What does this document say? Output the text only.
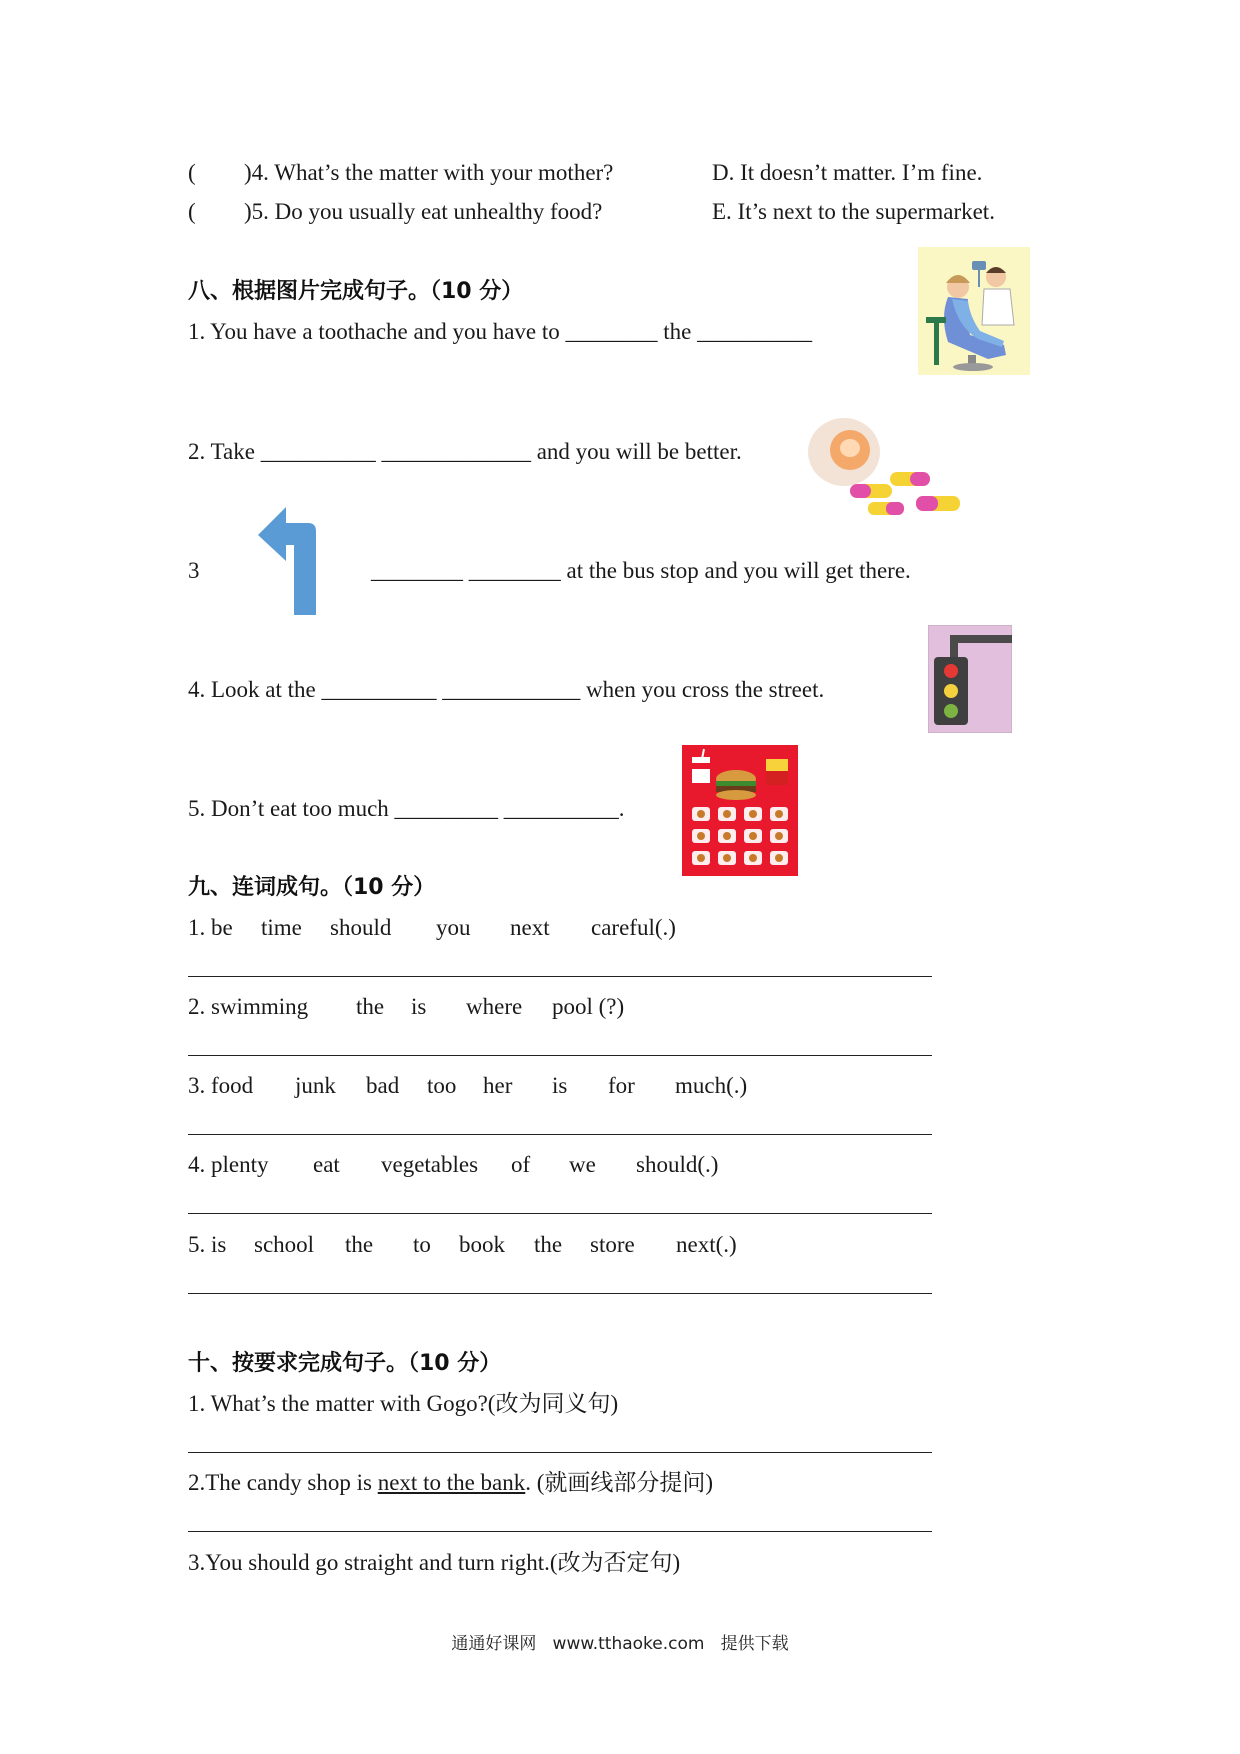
( )4. What’s the matter with your mother?	D. It doesn’t matter. I’m fine.
( )5. Do you usually eat unhealthy food?	E. It’s next to the supermarket.
八、根据图片完成句子。（10 分）
1. You have a toothache and you have to ________ the __________
2. Take __________ _____________ and you will be better.
3	________ ________ at the bus stop and you will get there.
4. Look at the __________ ____________ when you cross the street.
5. Don’t eat too much _________ __________.
九、连词成句。（10 分）

1. be

time

should

you

next

careful(.)

2. swimming

the

is

where

pool (?)

3. food

junk

bad

too

her

is

for

much(.)

4. plenty

eat

vegetables

of

we

should(.)

5. is

school

the

to

book

the

store

next(.)

十、按要求完成句子。（10 分）
1. What’s the matter with Gogo?(改为同义句)
2.The candy shop is next to the bank. (就画线部分提问)
3.You should go straight and turn right.(改为否定句)
通通好课网   www.tthaoke.com   提供下载
